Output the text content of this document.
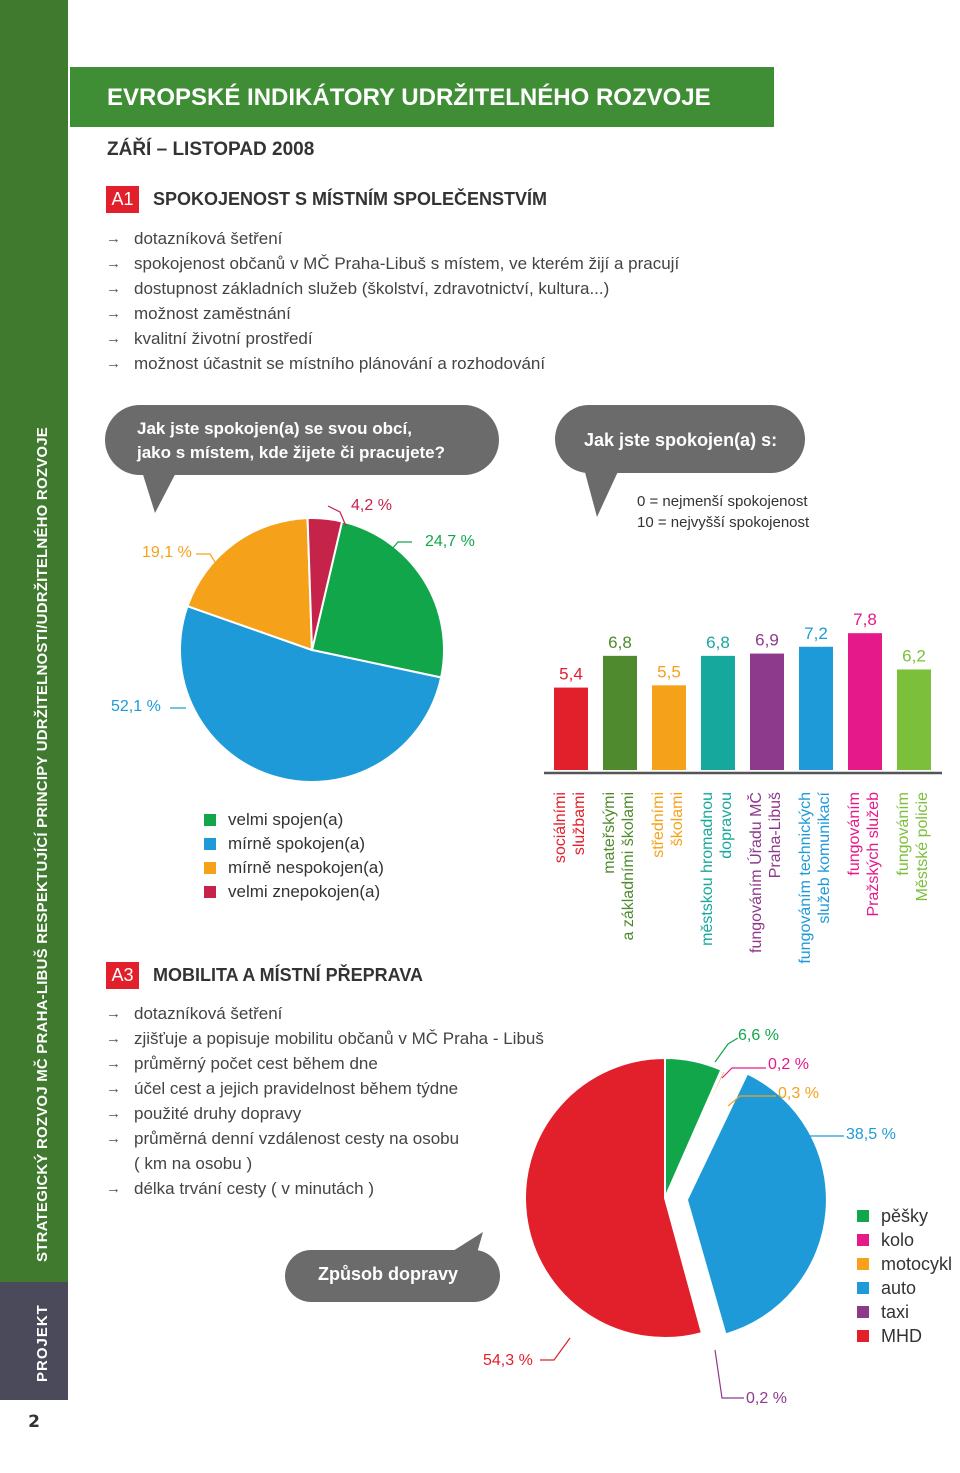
STRATEGICKÝ ROZVOJ MČ PRAHA-LIBUŠ RESPEKTUJÍCÍ PRINCIPY UDRŽITELNOSTI/UDRŽITELNÉHO ROZVOJE
PROJEKT
2
EVROPSKÉ INDIKÁTORY UDRŽITELNÉHO ROZVOJE
ZÁŘÍ – LISTOPAD 2008
A1	SPOKOJENOST S MÍSTNÍM SPOLEČENSTVÍM
→ dotazníková šetření
→ spokojenost občanů v MČ Praha-Libuš s místem, ve kterém žijí a pracují
→ dostupnost základních služeb (školství, zdravotnictví, kultura...)
→ možnost zaměstnání
→ kvalitní životní prostředí
→ možnost účastnit se místního plánování a rozhodování
Jak jste spokojen(a) se svou obcí,
jako s místem, kde žijete či pracujete?
Jak jste spokojen(a) s:
0 = nejmenší spokojenost
10 = nejvyšší spokojenost
4,2 %
24,7 %
19,1 %
52,1 %
velmi spojen(a)
mírně spokojen(a)
mírně nespokojen(a)
velmi znepokojen(a)
5,4
6,8
5,5
6,8 6,9 7,2
7,8
6,2
sociálními službami mateřskými a základními školami středními školami městskou hromadnou dopravou fungováním Úřadu MČ Praha-Libuš fungováním technických služeb komunikací fungováním Pražských služeb fungováním Městské policie
A3	MOBILITA A MÍSTNÍ PŘEPRAVA
→ dotazníková šetření
→ zjišťuje a popisuje mobilitu občanů v MČ Praha - Libuš
→ průměrný počet cest během dne
→ účel cest a jejich pravidelnost během týdne
→ použité druhy dopravy
→ průměrná denní vzdálenost cesty na osobu
( km na osobu )
→ délka trvání cesty ( v minutách )
Způsob dopravy
6,6 %
0,2 %
0,3 %
38,5 %
54,3 %
0,2 %
pěšky
kolo
motocykl
auto
taxi
MHD
